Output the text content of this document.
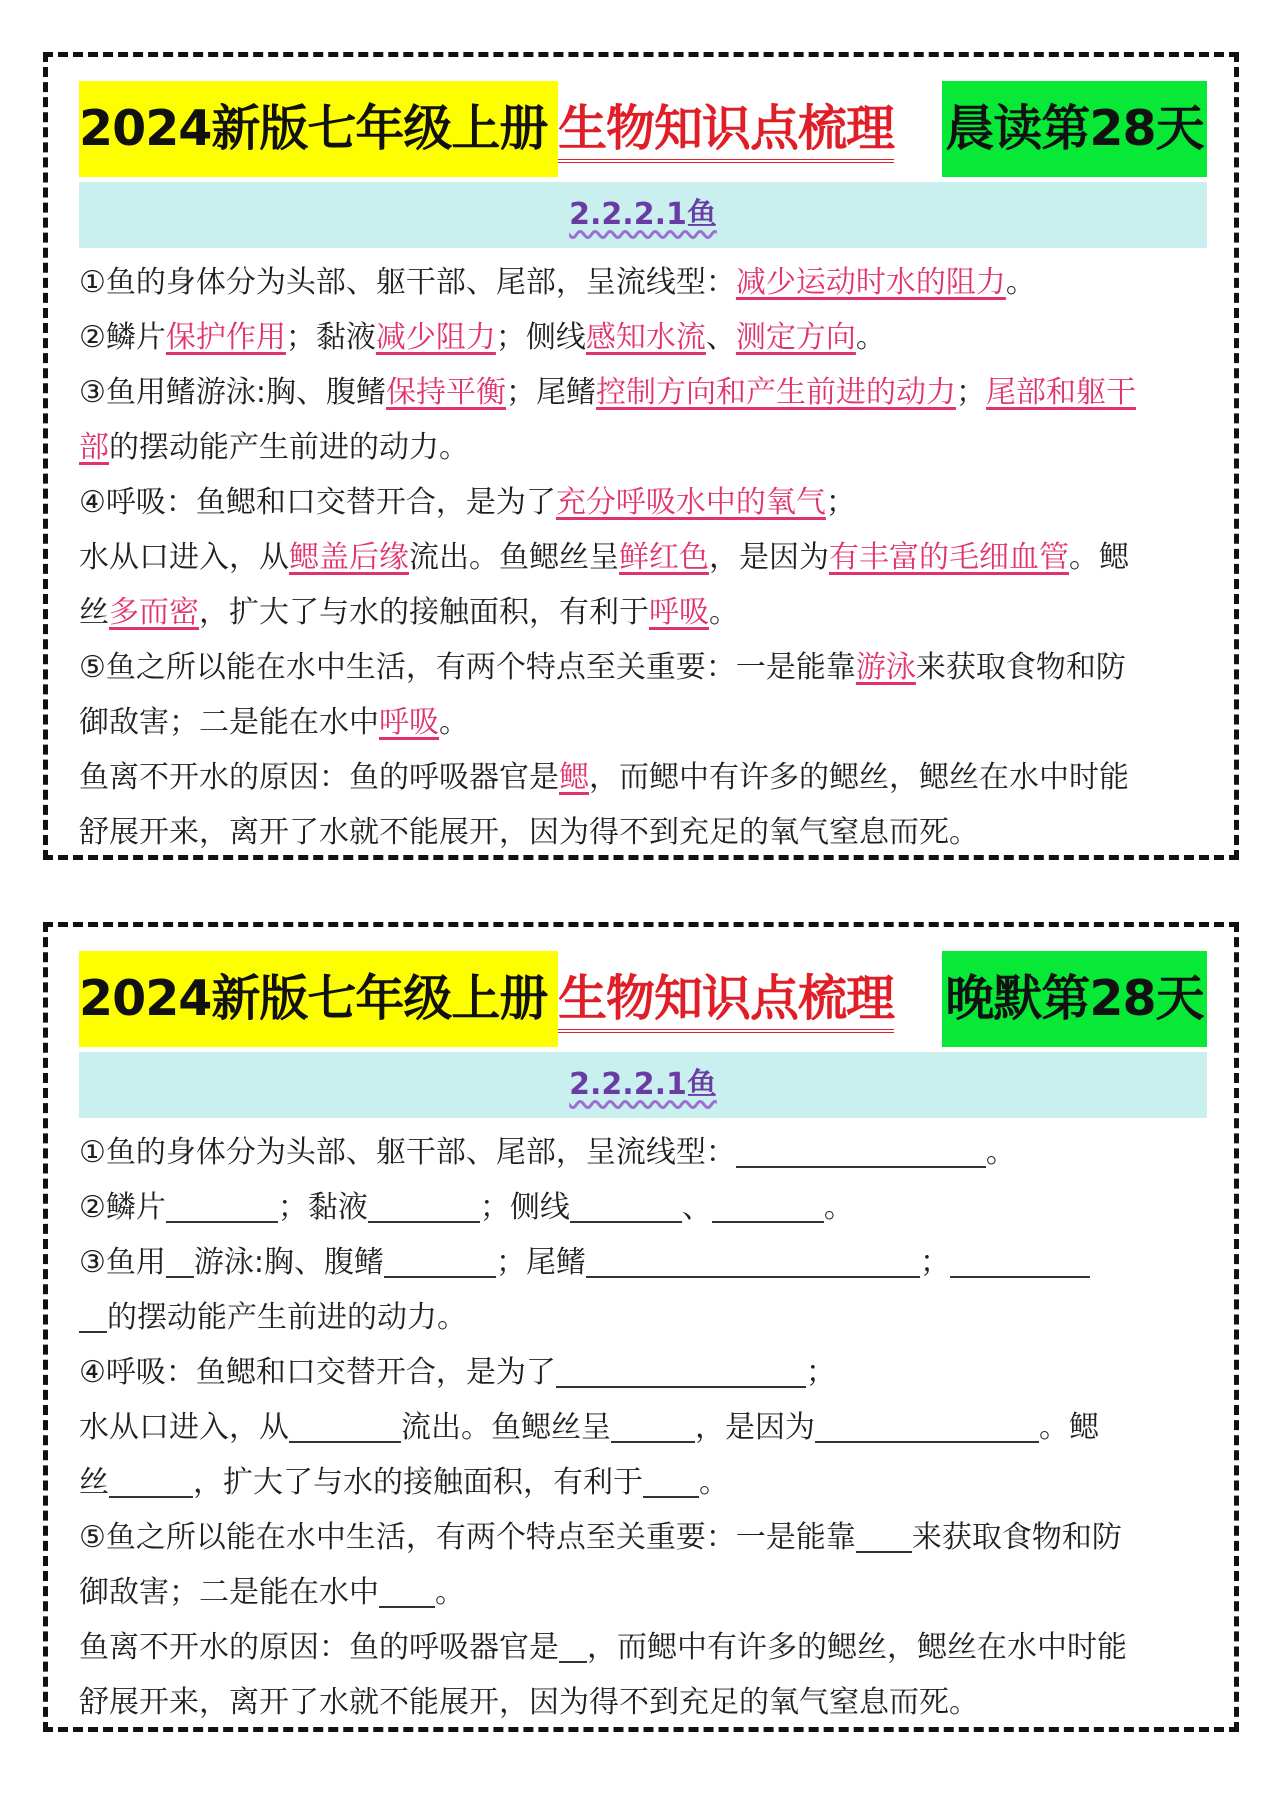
2024新版七年级上册 生物知识点梳理 晨读第28天
2.2.2.1鱼
①鱼的身体分为头部、躯干部、尾部，呈流线型：减少运动时水的阻力。
②鳞片保护作用；黏液减少阻力；侧线感知水流、测定方向。
③鱼用鳍游泳:胸、腹鳍保持平衡；尾鳍控制方向和产生前进的动力；尾部和躯干
部的摆动能产生前进的动力。
④呼吸：鱼鳃和口交替开合，是为了充分呼吸水中的氧气；
水从口进入，从鳃盖后缘流出。鱼鳃丝呈鲜红色，是因为有丰富的毛细血管。鳃
丝多而密，扩大了与水的接触面积，有利于呼吸。
⑤鱼之所以能在水中生活，有两个特点至关重要：一是能靠游泳来获取食物和防
御敌害；二是能在水中呼吸。
鱼离不开水的原因：鱼的呼吸器官是鳃，而鳃中有许多的鳃丝，鳃丝在水中时能
舒展开来，离开了水就不能展开，因为得不到充足的氧气窒息而死。
2024新版七年级上册 生物知识点梳理 晚默第28天
2.2.2.1鱼
①鱼的身体分为头部、躯干部、尾部，呈流线型：	。
②鳞片	；黏液	；侧线	、	。
③鱼用 游泳:胸、腹鳍	；尾鳍	；
的摆动能产生前进的动力。
④呼吸：鱼鳃和口交替开合，是为了	；
水从口进入，从	流出。鱼鳃丝呈	，是因为	。鳃
丝	，扩大了与水的接触面积，有利于 。
⑤鱼之所以能在水中生活，有两个特点至关重要：一是能靠 来获取食物和防
御敌害；二是能在水中 。
鱼离不开水的原因：鱼的呼吸器官是 ，而鳃中有许多的鳃丝，鳃丝在水中时能
舒展开来，离开了水就不能展开，因为得不到充足的氧气窒息而死。
